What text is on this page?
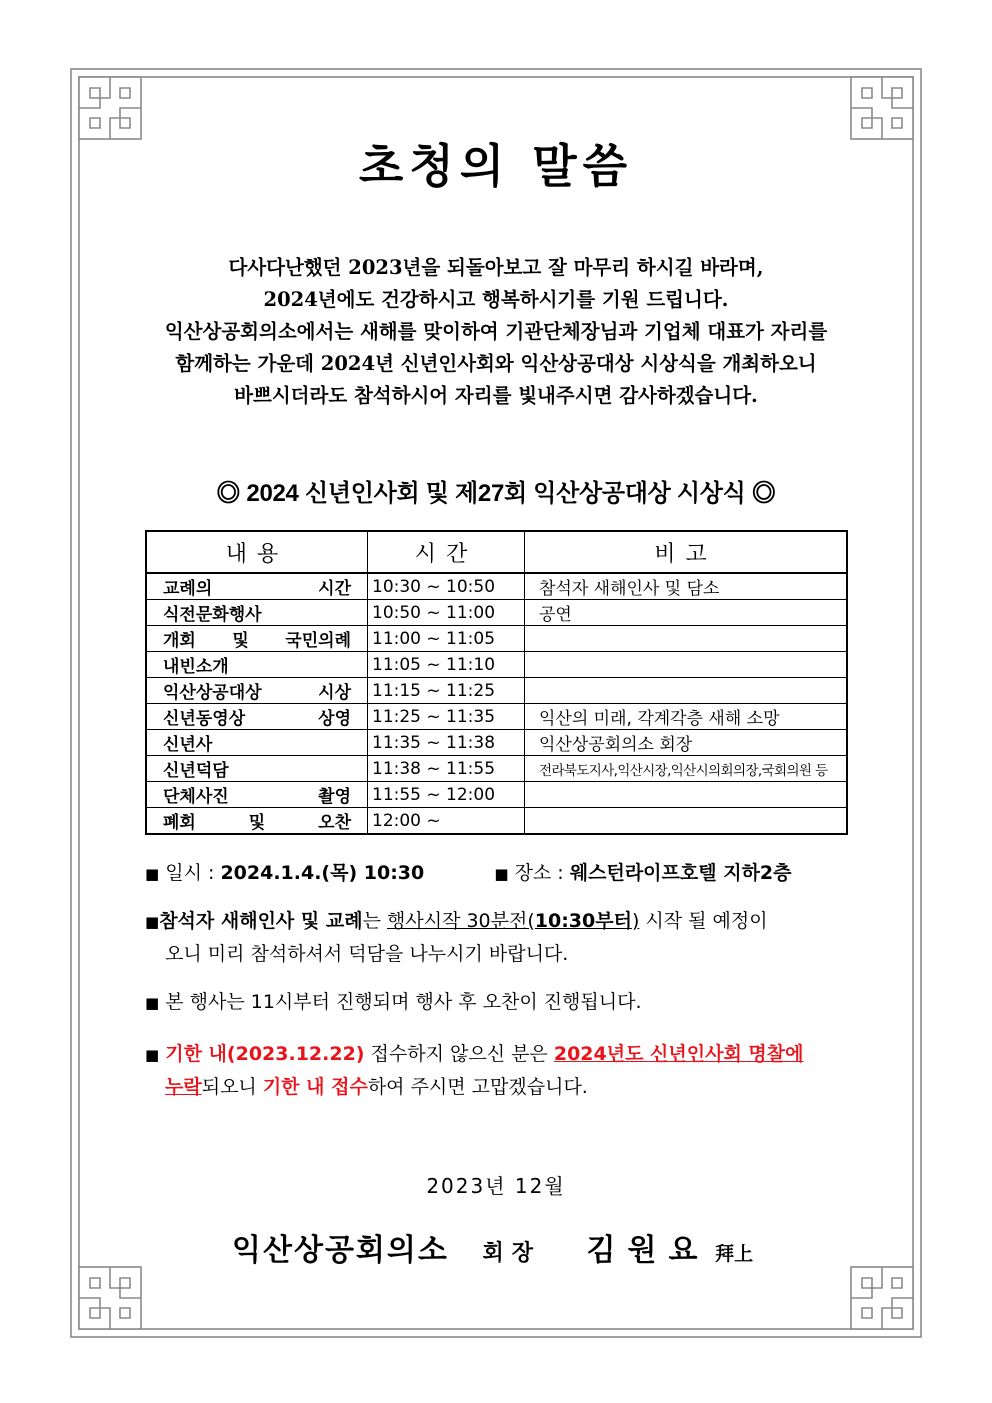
초청의 말씀
다사다난했던 2023년을 되돌아보고 잘 마무리 하시길 바라며,
2024년에도 건강하시고 행복하시기를 기원 드립니다.
익산상공회의소에서는 새해를 맞이하여 기관단체장님과 기업체 대표가 자리를
함께하는 가운데 2024년 신년인사회와 익산상공대상 시상식을 개최하오니
바쁘시더라도 참석하시어 자리를 빛내주시면 감사하겠습니다.
◎ 2024 신년인사회 및 제27회 익산상공대상 시상식 ◎
내용	시간	비고
교례의 시간	10:30 ~ 10:50	참석자 새해인사 및 담소
식전문화행사	10:50 ~ 11:00	공연
개회 및 국민의례	11:00 ~ 11:05	
내빈소개	11:05 ~ 11:10	
익산상공대상 시상	11:15 ~ 11:25	
신년동영상 상영	11:25 ~ 11:35	익산의 미래, 각계각층 새해 소망
신년사	11:35 ~ 11:38	익산상공회의소 회장
신년덕담	11:38 ~ 11:55	전라북도지사,익산시장,익산시의회의장,국회의원 등
단체사진 촬영	11:55 ~ 12:00	
폐회 및 오찬	12:00 ~	
■ 일시 : 2024.1.4.(목) 10:30	■ 장소 : 웨스턴라이프호텔 지하2층
■참석자 새해인사 및 교례는 행사시작 30분전(10:30부터) 시작 될 예정이
오니 미리 참석하셔서 덕담을 나누시기 바랍니다.
■ 본 행사는 11시부터 진행되며 행사 후 오찬이 진행됩니다.
■ 기한 내(2023.12.22) 접수하지 않으신 분은 2024년도 신년인사회 명찰에
누락되오니 기한 내 접수하여 주시면 고맙겠습니다.
2023년 12월
익산상공회의소 회장 김원요 拜上
